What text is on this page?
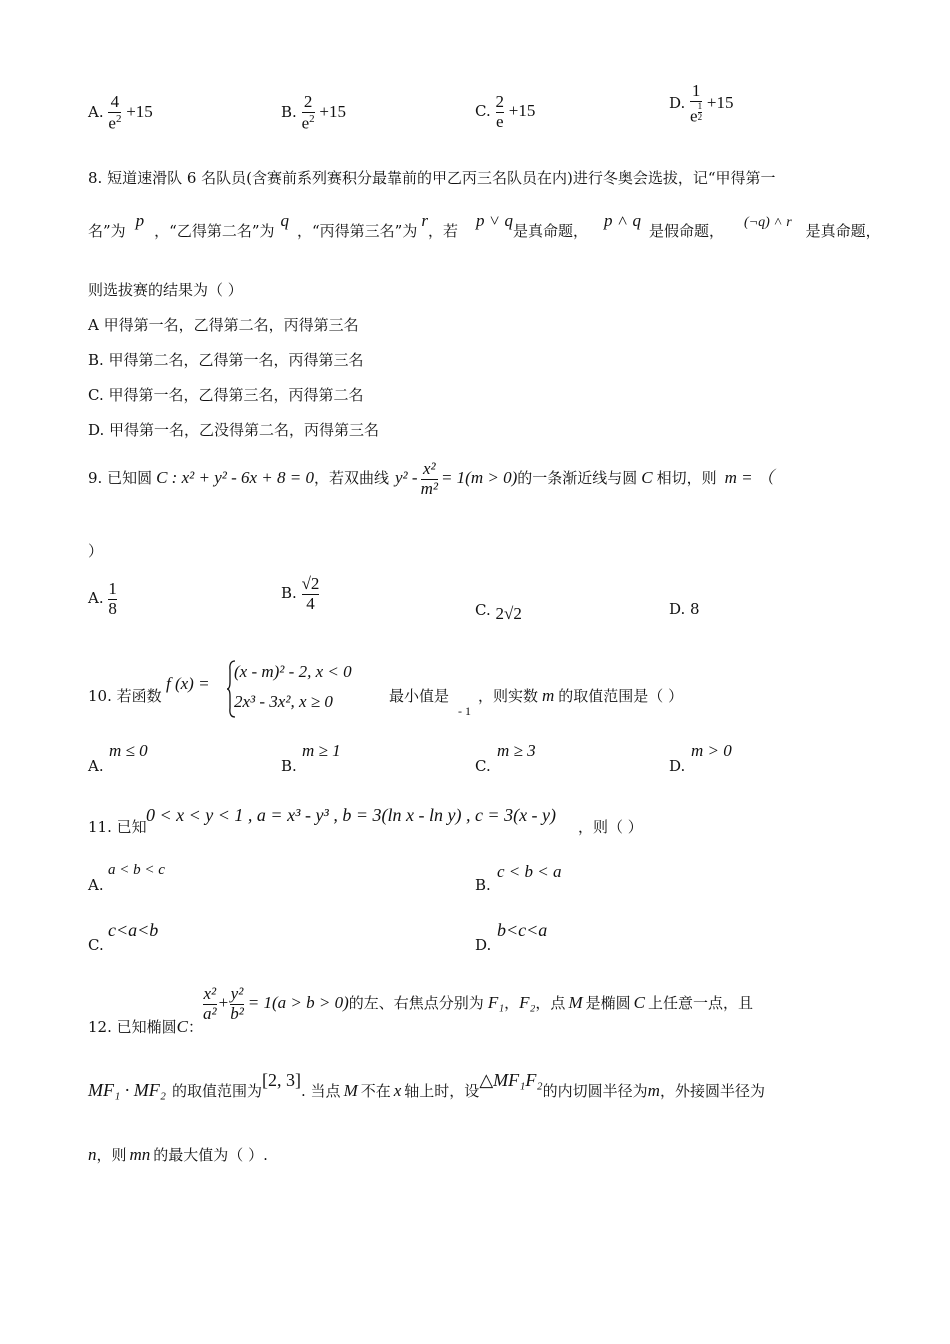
A. $\frac{4}{e^2} +15$	B. $\frac{2}{e^2} +15$	C. $\frac{2}{e} +15$	D. 1
e $^{\frac{1}{2}}$ +15
8. 短道速滑队 6 名队员(含赛前系列赛积分最靠前的甲乙丙三名队员在内)进行冬奥会选拔，记“甲得第一
名”为p，“乙得第二名”为q，“丙得第三名”为r，若p ˅ q是真命题，p ˄ q是假命题， (¬q) ˄ r 是真命题，
则选拔赛的结果为（ ）
A 甲得第一名，乙得第二名，丙得第三名
B. 甲得第二名，乙得第一名，丙得第三名
C. 甲得第一名，乙得第三名，丙得第二名
D. 甲得第一名，乙没得第二名，丙得第三名
9. 已知圆 C : x² + y² - 6x + 8 = 0，若双曲线 $y^2 - \frac{\text{x²}}{\text{m²}} = 1(m > 0)$的一条渐近线与圆 C 相切，则 m = （
）
A. $\frac{1}{8}$	B. $\frac{√2}{4}$	C. 2√2	D. 8
10. 若函数
f (x) =
(x - m)² - 2, x < 0
2x³ - 3x², x ≥ 0	最小值是
- 1
，则实数 m 的取值范围是（ ）
A.
m ≤ 0
B.
m ≥ 1
C.
m ≥ 3
D.
m > 0
11. 已知
0 < x < y < 1 , a = x³ - y³ , b = 3(ln x - ln y) , c = 3(x - y)
，则（ ）
A.
a < b < c
B.
c < b < a
C.
c<a<b
D.
b<c<a
12. 已知椭圆C：
$\frac{\text{x²}}{\text{a²}} + \frac{\text{y²}}{\text{b²}} = 1(a > b > 0)$的左、右焦点分别为 F₁，F₂，点 M 是椭圆 C 上任意一点，且
MF₁ · MF₂ 的取值范围为[2, 3]. 当点 M 不在 x 轴上时，设△MF₁F₂的内切圆半径为m，外接圆半径为
n，则 mn 的最大值为（ ）.
